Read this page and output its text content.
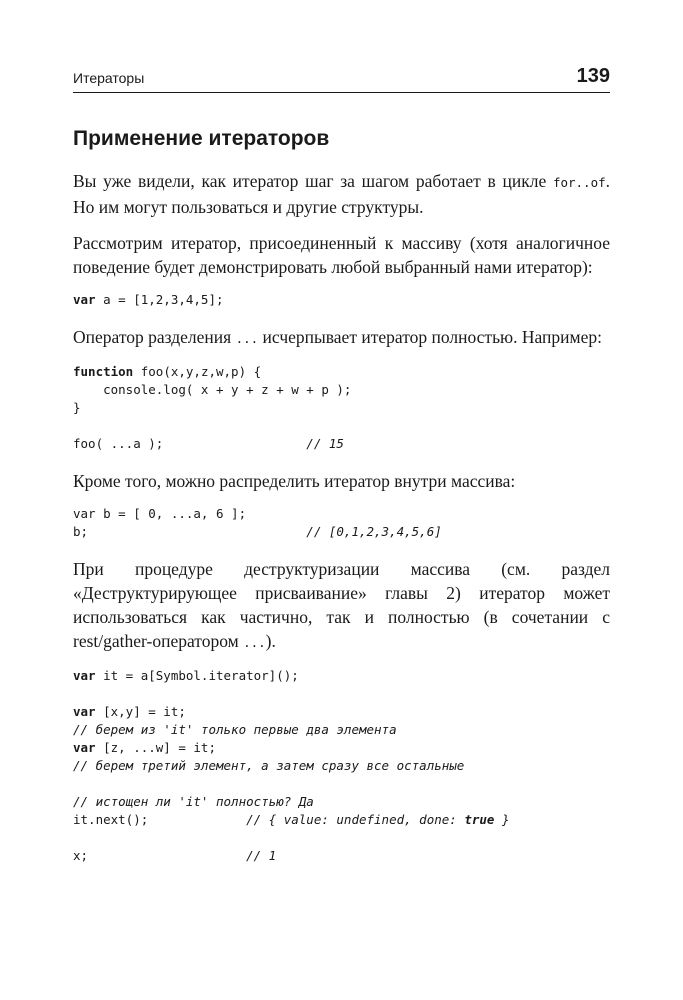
Итераторы	139
Применение итераторов

Вы уже видели, как итератор шаг за шагом работает в цикле for..of. Но им могут пользоваться и другие структуры.

Рассмотрим итератор, присоединенный к массиву (хотя аналогичное поведение будет демонстрировать любой выбранный нами итератор):

var a = [1,2,3,4,5];

Оператор разделения ... исчерпывает итератор полностью. Например:

function foo(x,y,z,w,p) {
console.log( x + y + z + w + p );
}

foo( ...a );                   // 15

Кроме того, можно распределить итератор внутри массива:

var b = [ 0, ...a, 6 ];
b;                             // [0,1,2,3,4,5,6]

При процедуре деструктуризации массива (см. раздел «Деструктурирующее присваивание» главы 2) итератор может использоваться как частично, так и полностью (в сочетании с rest/gather-оператором ...).

var it = a[Symbol.iterator]();

var [x,y] = it;
// берем из 'it' только первые два элемента
var [z, ...w] = it;
// берем третий элемент, а затем сразу все остальные

// истощен ли 'it' полностью? Да
it.next();             // { value: undefined, done: true }

x;                     // 1
